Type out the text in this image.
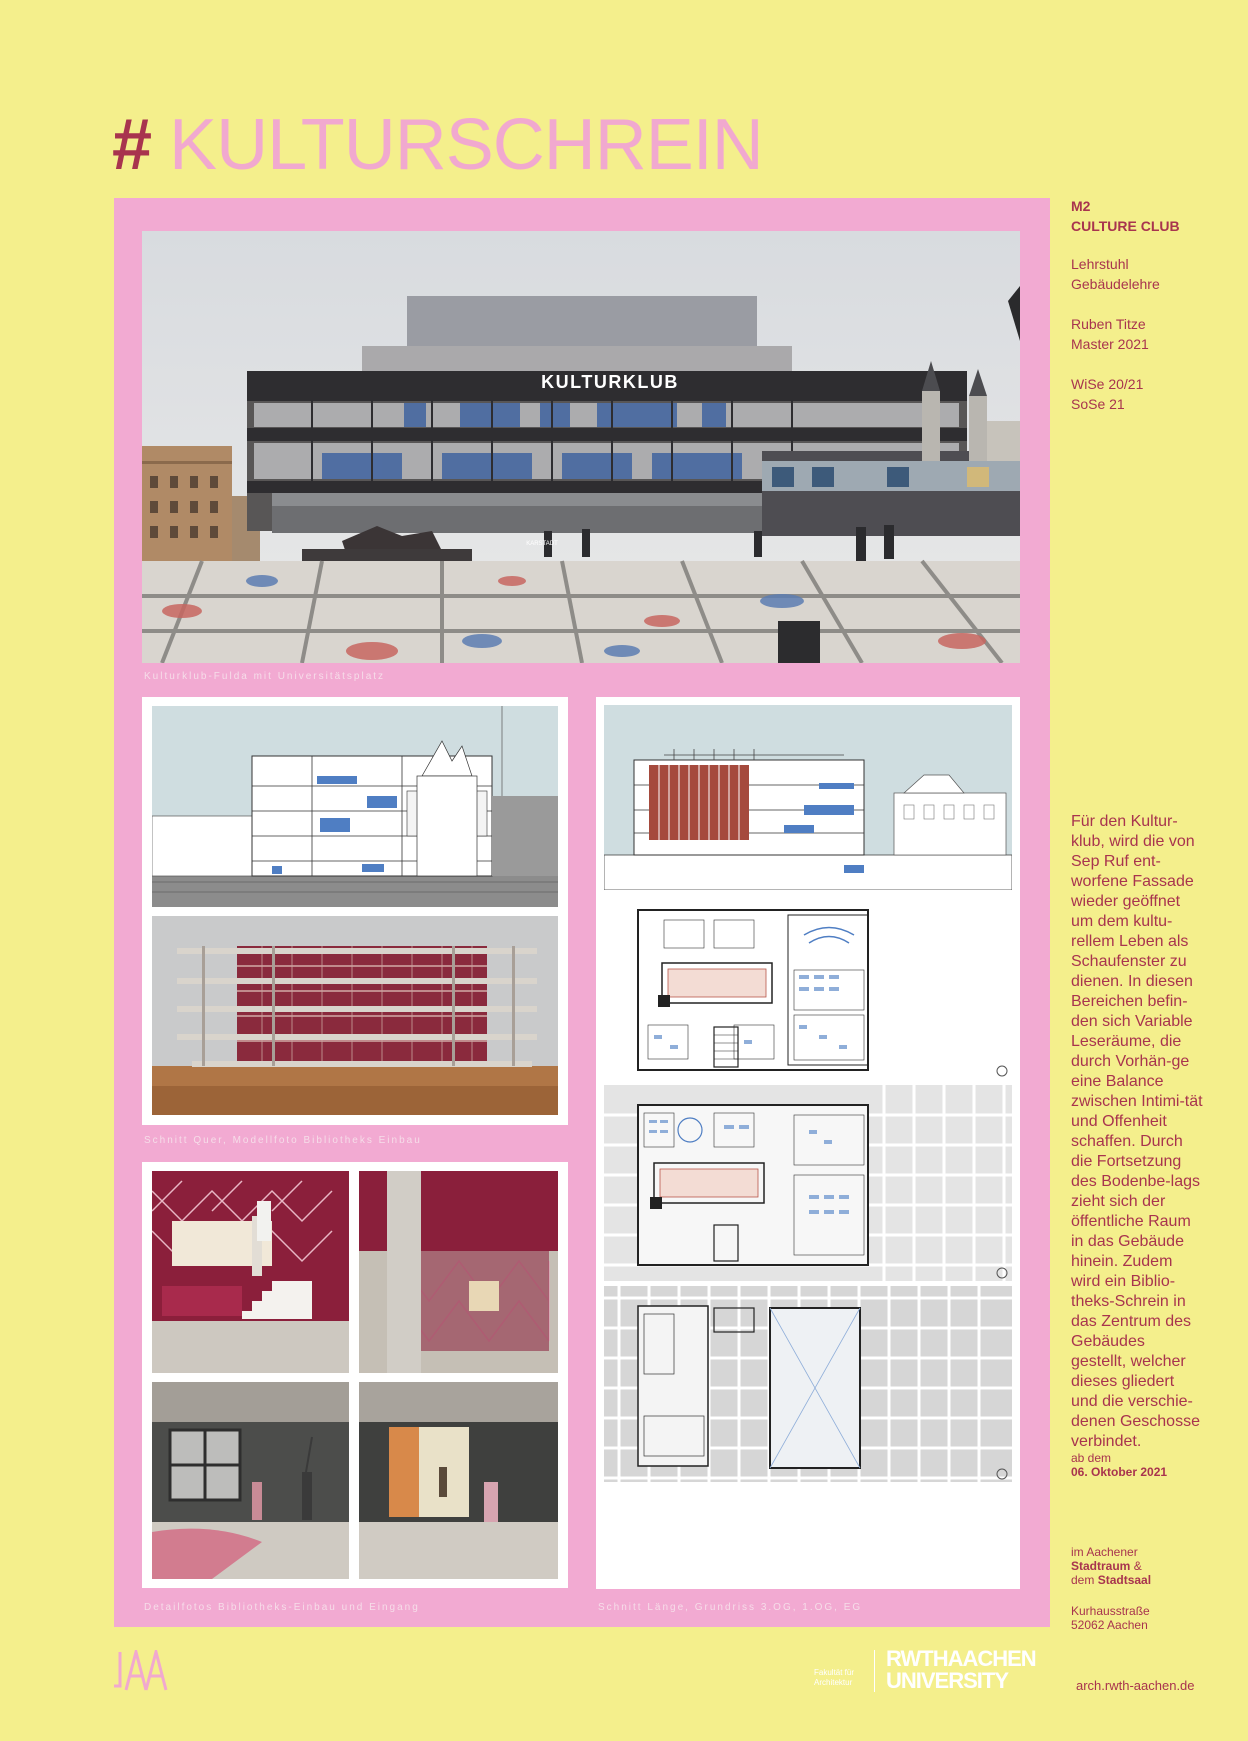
# KULTURSCHREIN
KULTURKLUB
KARSTADT
Kulturklub-Fulda mit Universitätsplatz
Schnitt Quer, Modellfoto Bibliotheks Einbau
Detailfotos Bibliotheks-Einbau und Eingang	Schnitt Länge, Grundriss 3.OG, 1.OG, EG
M2
CULTURE CLUB
Lehrstuhl
Gebäudelehre
Ruben Titze
Master 2021
WiSe 20/21
SoSe 21
Für den Kultur-klub, wird die von Sep Ruf ent-worfene Fassade wieder geöffnet um dem kultu-rellem Leben als Schaufenster zu dienen. In diesen Bereichen befin-den sich Variable Leseräume, die durch Vorhän-ge eine Balance zwischen Intimi-tät und Offenheit schaffen. Durch die Fortsetzung des Bodenbe-lags zieht sich der öffentliche Raum in das Gebäude hinein. Zudem wird ein Biblio-theks-Schrein in das Zentrum des Gebäudes gestellt, welcher dieses gliedert und die verschie-denen Geschosse verbindet.
ab dem
06. Oktober 2021
im Aachener
Stadtraum &
dem Stadtsaal
Kurhausstraße
52062 Aachen
Fakultät für
Architektur
RWTHAACHEN
UNIVERSITY	arch.rwth-aachen.de
